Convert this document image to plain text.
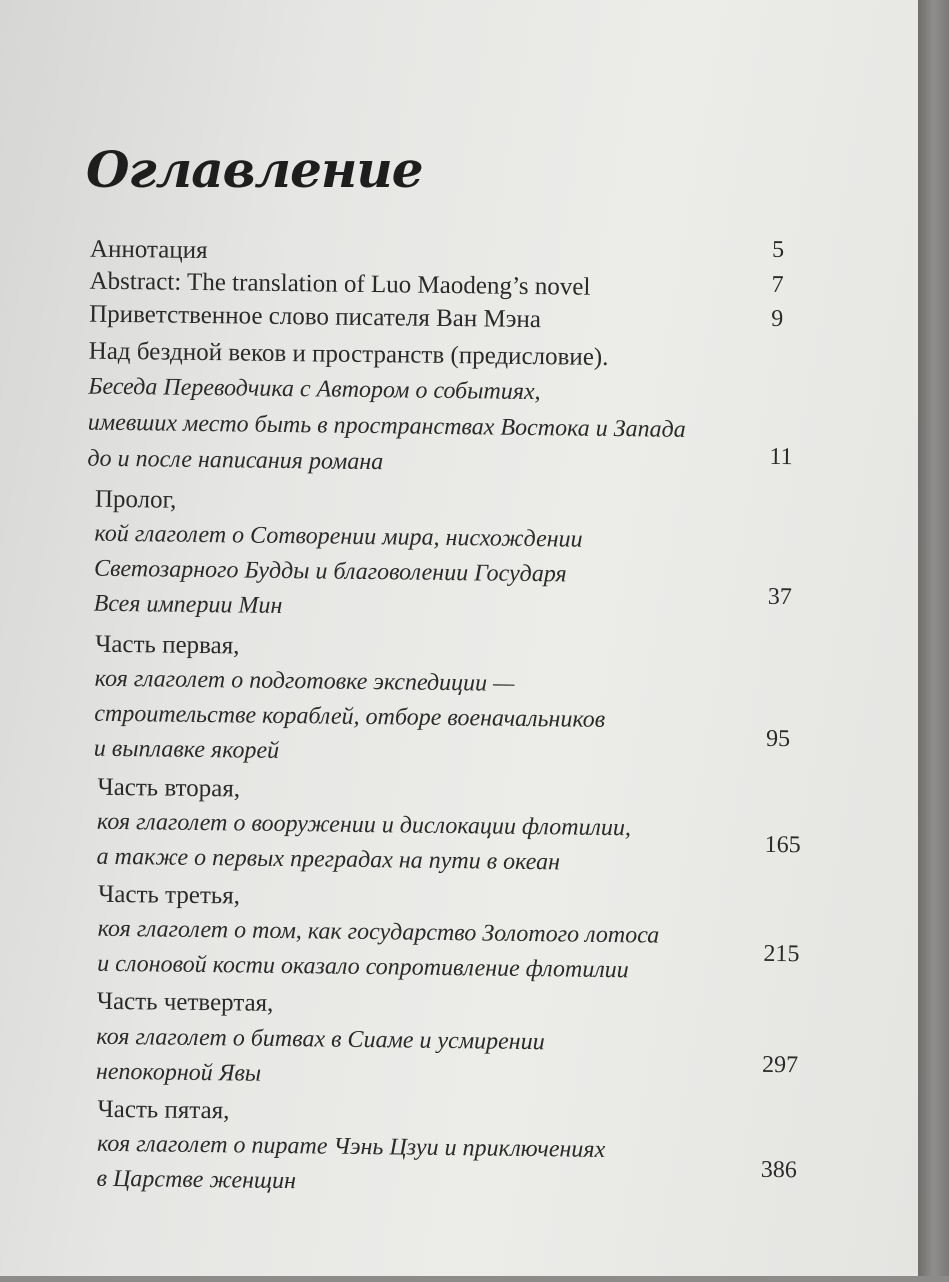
Оглавление
Аннотация	5
Abstract: The translation of Luo Maodeng’s novel	7
Приветственное слово писателя Ван Мэна	9
Над бездной веков и пространств (предисловие).
Беседа Переводчика с Автором о событиях,
имевших место быть в пространствах Востока и Запада
до и после написания романа	11
Пролог,
кой глаголет о Сотворении мира, нисхождении
Светозарного Будды и благоволении Государя
Всея империи Мин	37
Часть первая,
коя глаголет о подготовке экспедиции —
строительстве кораблей, отборе военачальников
и выплавке якорей	95
Часть вторая,
коя глаголет о вооружении и дислокации флотилии,
а также о первых преградах на пути в океан	165
Часть третья,
коя глаголет о том, как государство Золотого лотоса
и слоновой кости оказало сопротивление флотилии	215
Часть четвертая,
коя глаголет о битвах в Сиаме и усмирении
непокорной Явы	297
Часть пятая,
коя глаголет о пирате Чэнь Цзуи и приключениях
в Царстве женщин	386
